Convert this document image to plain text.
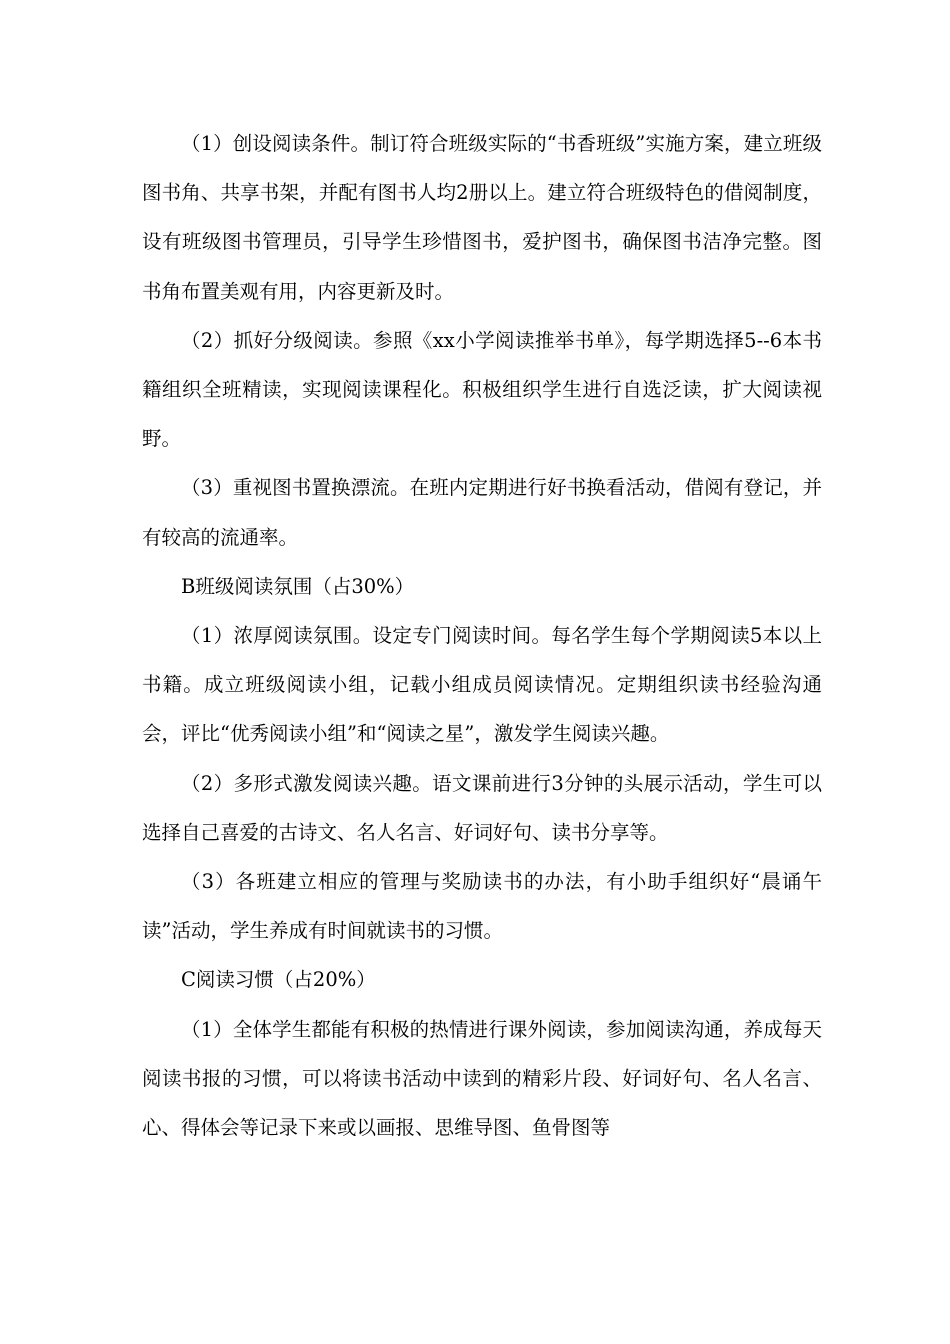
（1）创设阅读条件。制订符合班级实际的“书香班级”实施方案，建立班级图书角、共享书架，并配有图书人均2册以上。建立符合班级特色的借阅制度，设有班级图书管理员，引导学生珍惜图书，爱护图书，确保图书洁净完整。图书角布置美观有用，内容更新及时。

（2）抓好分级阅读。参照《xx小学阅读推举书单》，每学期选择5--6本书籍组织全班精读，实现阅读课程化。积极组织学生进行自选泛读，扩大阅读视野。

（3）重视图书置换漂流。在班内定期进行好书换看活动，借阅有登记，并有较高的流通率。

B班级阅读氛围（占30%）

（1）浓厚阅读氛围。设定专门阅读时间。每名学生每个学期阅读5本以上书籍。成立班级阅读小组，记载小组成员阅读情况。定期组织读书经验沟通会，评比“优秀阅读小组”和“阅读之星”，激发学生阅读兴趣。

（2）多形式激发阅读兴趣。语文课前进行3分钟的头展示活动，学生可以选择自己喜爱的古诗文、名人名言、好词好句、读书分享等。

（3）各班建立相应的管理与奖励读书的办法，有小助手组织好“晨诵午读”活动，学生养成有时间就读书的习惯。

C阅读习惯（占20%）

（1）全体学生都能有积极的热情进行课外阅读，参加阅读沟通，养成每天阅读书报的习惯，可以将读书活动中读到的精彩片段、好词好句、名人名言、心、得体会等记录下来或以画报、思维导图、鱼骨图等
